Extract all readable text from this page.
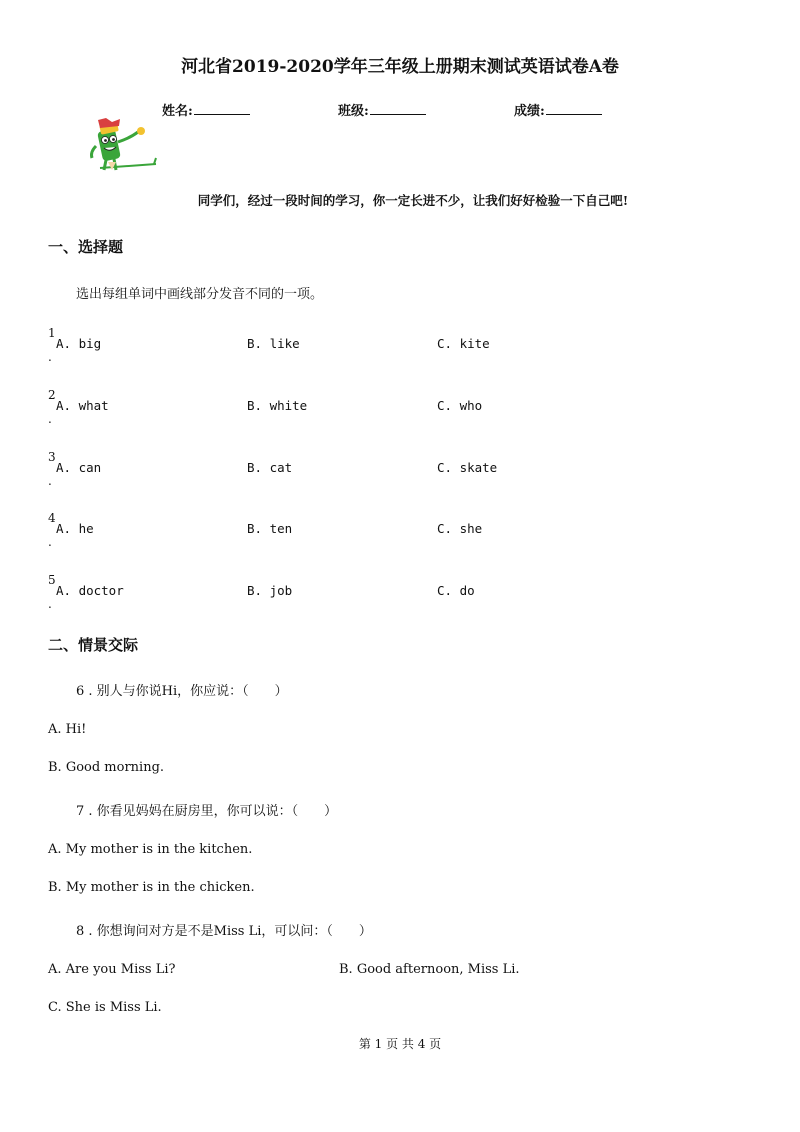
河北省2019-2020学年三年级上册期末测试英语试卷A卷
姓名:	班级:	成绩:
同学们，经过一段时间的学习，你一定长进不少，让我们好好检验一下自己吧!
一、选择题
选出每组单词中画线部分发音不同的一项。
1
.
A. big	B. like	C. kite
2
.
A. what	B. white	C. who
3
.
A. can	B. cat	C. skate
4
.
A. he	B. ten	C. she
5
.
A. doctor	B. job	C. do
二、情景交际
6 . 别人与你说Hi，你应说：（　　）
A. Hi!
B. Good morning.
7 . 你看见妈妈在厨房里，你可以说：（　　）
A. My mother is in the kitchen.
B. My mother is in the chicken.
8 . 你想询问对方是不是Miss Li，可以问：（　　）
A. Are you Miss Li?	B. Good afternoon, Miss Li.
C. She is Miss Li.
第 1 页 共 4 页
